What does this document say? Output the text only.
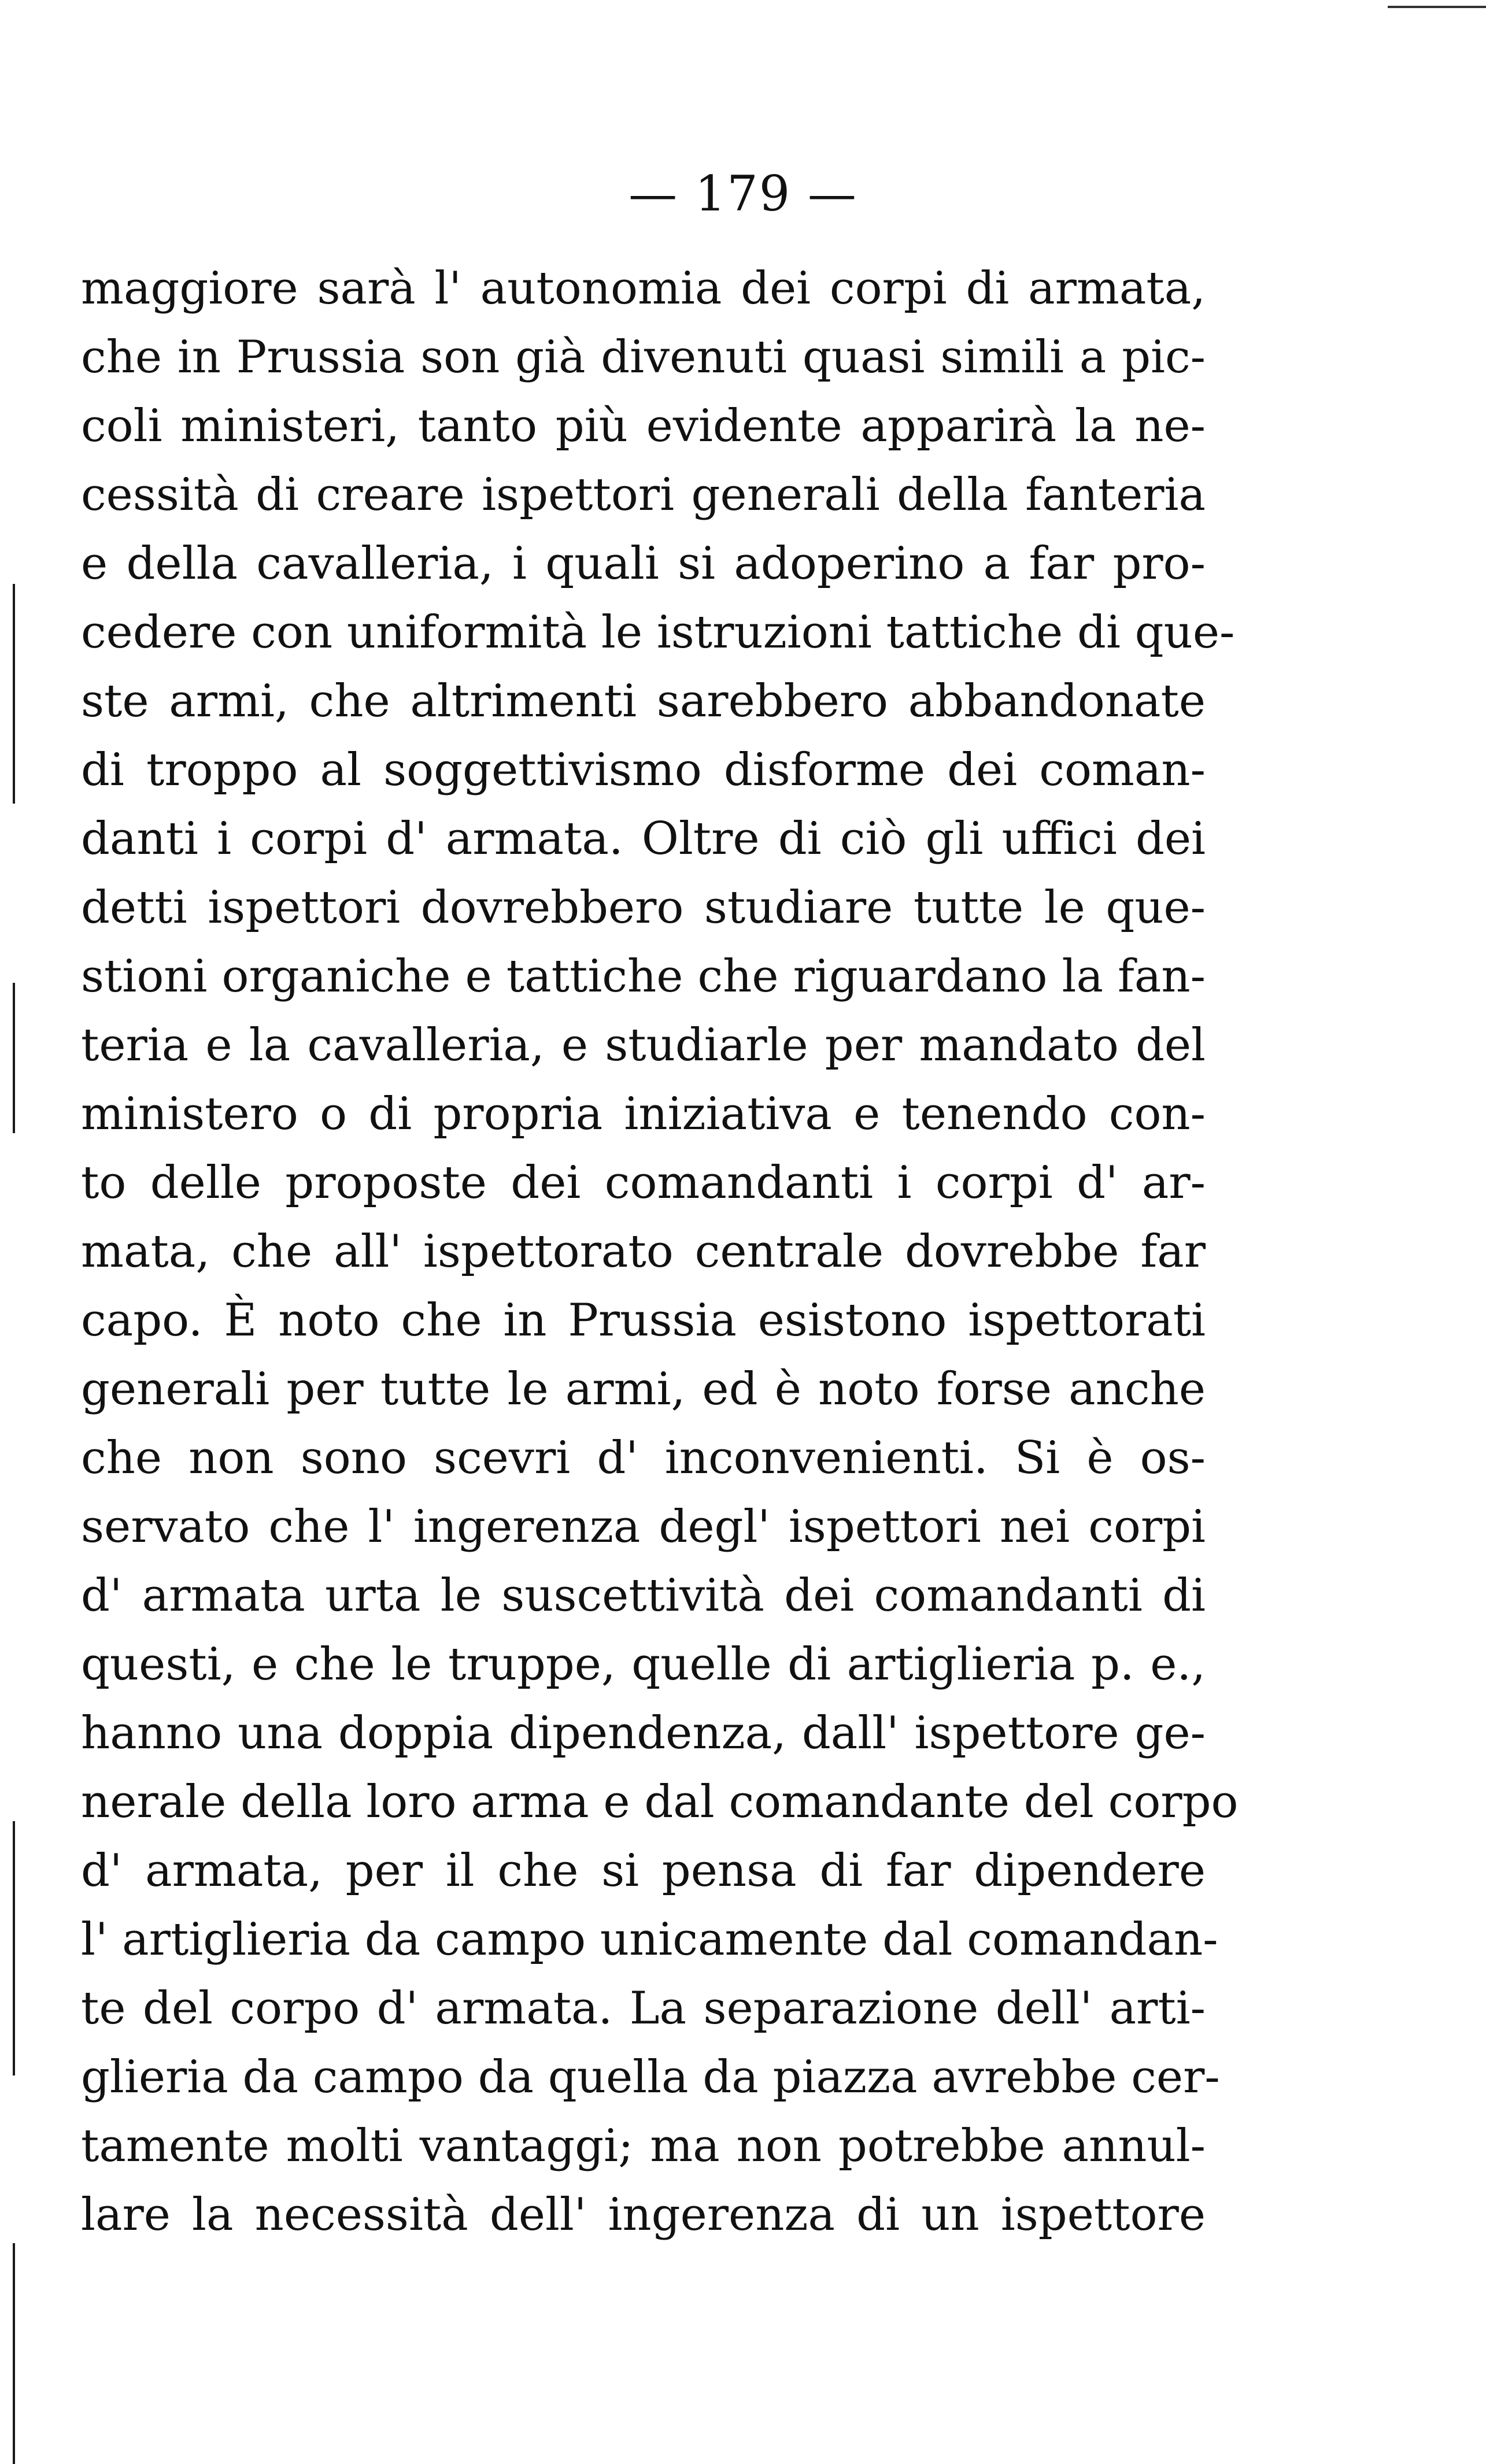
— 179 —
maggiore sarà l' autonomia dei corpi di armata,
che in Prussia son già divenuti quasi simili a pic-
coli ministeri, tanto più evidente apparirà la ne-
cessità di creare ispettori generali della fanteria
e della cavalleria, i quali si adoperino a far pro-
cedere con uniformità le istruzioni tattiche di que-
ste armi, che altrimenti sarebbero abbandonate
di troppo al soggettivismo disforme dei coman-
danti i corpi d' armata. Oltre di ciò gli uffici dei
detti ispettori dovrebbero studiare tutte le que-
stioni organiche e tattiche che riguardano la fan-
teria e la cavalleria, e studiarle per mandato del
ministero o di propria iniziativa e tenendo con-
to delle proposte dei comandanti i corpi d' ar-
mata, che all' ispettorato centrale dovrebbe far
capo. È noto che in Prussia esistono ispettorati
generali per tutte le armi, ed è noto forse anche
che non sono scevri d' inconvenienti. Si è os-
servato che l' ingerenza degl' ispettori nei corpi
d' armata urta le suscettività dei comandanti di
questi, e che le truppe, quelle di artiglieria p. e.,
hanno una doppia dipendenza, dall' ispettore ge-
nerale della loro arma e dal comandante del corpo
d' armata, per il che si pensa di far dipendere
l' artiglieria da campo unicamente dal comandan-
te del corpo d' armata. La separazione dell' arti-
glieria da campo da quella da piazza avrebbe cer-
tamente molti vantaggi; ma non potrebbe annul-
lare la necessità dell' ingerenza di un ispettore
